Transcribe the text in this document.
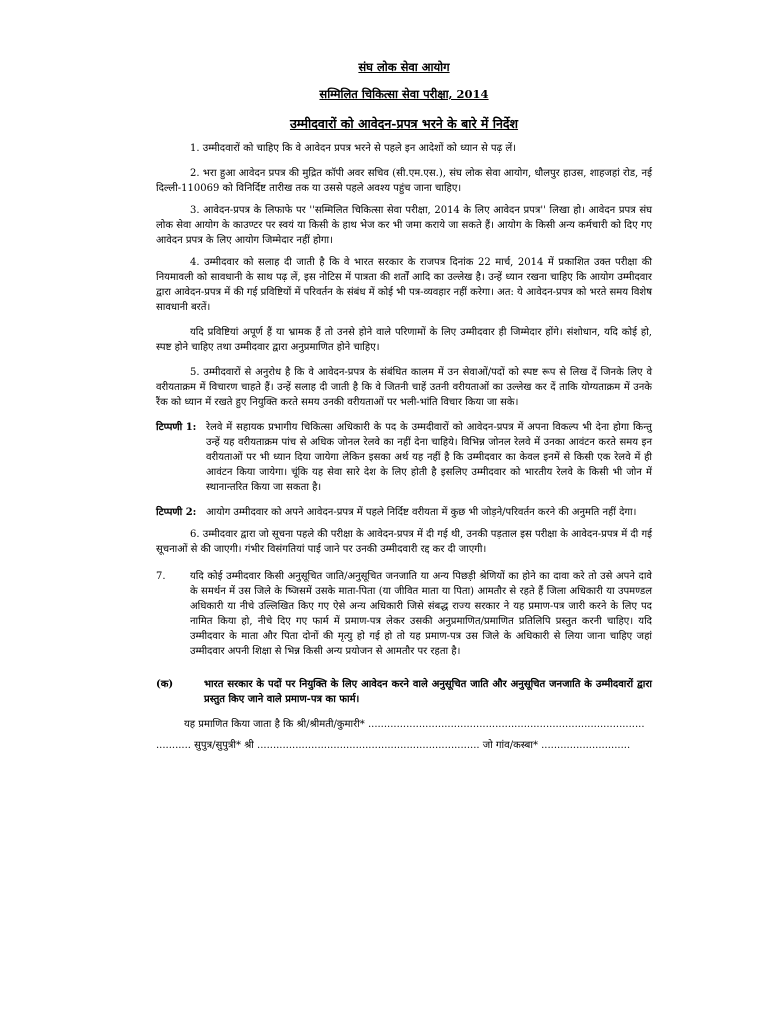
संघ लोक सेवा आयोग

सम्मिलित चिकित्सा सेवा परीक्षा, 2014

उम्मीदवारों को आवेदन-प्रपत्र भरने के बारे में निर्देश

1. उम्मीदवारों को चाहिए कि वे आवेदन प्रपत्र भरने से पहले इन आदेशों को ध्यान से पढ़ लें।

2. भरा हुआ आवेदन प्रपत्र की मुद्रित कॉपी अवर सचिव (सी.एम.एस.), संघ लोक सेवा आयोग, धौलपुर हाउस, शाहजहां रोड, नई दिल्ली-110069 को विनिर्दिष्ट तारीख तक या उससे पहले अवश्य पहुंच जाना चाहिए।

3. आवेदन-प्रपत्र के लिफाफे पर ''सम्मिलित चिकित्सा सेवा परीक्षा, 2014 के लिए आवेदन प्रपत्र'' लिखा हो। आवेदन प्रपत्र संघ लोक सेवा आयोग के काउण्टर पर स्वयं या किसी के हाथ भेज कर भी जमा कराये जा सकते हैं। आयोग के किसी अन्य कर्मचारी को दिए गए आवेदन प्रपत्र के लिए आयोग जिम्मेदार नहीं होगा।

4. उम्मीदवार को सलाह दी जाती है कि वे भारत सरकार के राजपत्र दिनांक 22 मार्च, 2014 में प्रकाशित उक्त परीक्षा की नियमावली को सावधानी के साथ पढ़ लें, इस नोटिस में पात्रता की शर्तों आदि का उल्लेख है। उन्हें ध्यान रखना चाहिए कि आयोग उम्मीदवार द्वारा आवेदन-प्रपत्र में की गई प्रविष्टियों में परिवर्तन के संबंध में कोई भी पत्र-व्यवहार नहीं करेगा। अत: ये आवेदन-प्रपत्र को भरते समय विशेष सावधानी बरतें।

यदि प्रविष्टियां अपूर्ण हैं या भ्रामक हैं तो उनसे होने वाले परिणामों के लिए उम्मीदवार ही जिम्मेदार होंगे। संशोधान, यदि कोई हो, स्पष्ट होने चाहिए तथा उम्मीदवार द्वारा अनुप्रमाणित होने चाहिए।

5. उम्मीदवारों से अनुरोध है कि वे आवेदन-प्रपत्र के संबंधित कालम में उन सेवाओं/पदों को स्पष्ट रूप से लिख दें जिनके लिए वे वरीयताक्रम में विचारण चाहते हैं। उन्हें सलाह दी जाती है कि वे जितनी चाहें उतनी वरीयताओं का उल्लेख कर दें ताकि योग्यताक्रम में उनके रैंक को ध्यान में रखते हुए नियुक्ति करते समय उनकी वरीयताओं पर भली-भांति विचार किया जा सके।

टिप्पणी 1: रेलवे में सहायक प्रभागीय चिकित्सा अधिकारी के पद के उम्मदीवारों को आवेदन-प्रपत्र में अपना विकल्प भी देना होगा किन्तु उन्हें यह वरीयताक्रम पांच से अधिक जोनल रेलवे का नहीं देना चाहिये। विभिन्न जोनल रेलवे में उनका आवंटन करते समय इन वरीयताओं पर भी ध्यान दिया जायेगा लेकिन इसका अर्थ यह नहीं है कि उम्मीदवार का केवल इनमें से किसी एक रेलवे में ही आवंटन किया जायेगा। चूंकि यह सेवा सारे देश के लिए होती है इसलिए उम्मीदवार को भारतीय रेलवे के किसी भी जोन में स्थानान्तरित किया जा सकता है।
टिप्पणी 2: आयोग उम्मीदवार को अपने आवेदन-प्रपत्र में पहले निर्दिष्ट वरीयता में कुछ भी जोड़ने/परिवर्तन करने की अनुमति नहीं देगा।

6. उम्मीदवार द्वारा जो सूचना पहले की परीक्षा के आवेदन-प्रपत्र में दी गई थी, उनकी पड़ताल इस परीक्षा के आवेदन-प्रपत्र में दी गई सूचनाओं से की जाएगी। गंभीर विसंगतियां पाई जाने पर उनकी उम्मीदवारी रद्द कर दी जाएगी।

7.	यदि कोई उम्मीदवार किसी अनुसूचित जाति/अनुसूचित जनजाति या अन्य पिछड़ी श्रेणियों का होने का दावा करे तो उसे अपने दावे के समर्थन में उस जिले के ष्जिसमें उसके माता-पिता (या जीवित माता या पिता) आमतौर से रहते हैं जिला अधिकारी या उपमण्डल अधिकारी या नीचे उल्लिखित किए गए ऐसे अन्य अधिकारी जिसे संबद्ध राज्य सरकार ने यह प्रमाण-पत्र जारी करने के लिए पद नामित किया हो, नीचे दिए गए फार्म में प्रमाण-पत्र लेकर उसकी अनुप्रमाणित/प्रमाणित प्रतिलिपि प्रस्तुत करनी चाहिए। यदि उम्मीदवार के माता और पिता दोनों की मृत्यु हो गई हो तो यह प्रमाण-पत्र उस जिले के अधिकारी से लिया जाना चाहिए जहां उम्मीदवार अपनी शिक्षा से भिन्न किसी अन्य प्रयोजन से आमतौर पर रहता है।
(क)	भारत सरकार के पदों पर नियुक्ति के लिए आवेदन करने वाले अनुसूचित जाति और अनुसूचित जनजाति के उम्मीदवारों द्वारा प्रस्तुत किए जाने वाले प्रमाण-पत्र का फार्म।

यह प्रमाणित किया जाता है कि श्री/श्रीमती/कुमारी* .......................................................................................

........... सुपुत्र/सुपुत्री* श्री ...................................................................... जो गांव/कस्बा* ............................
